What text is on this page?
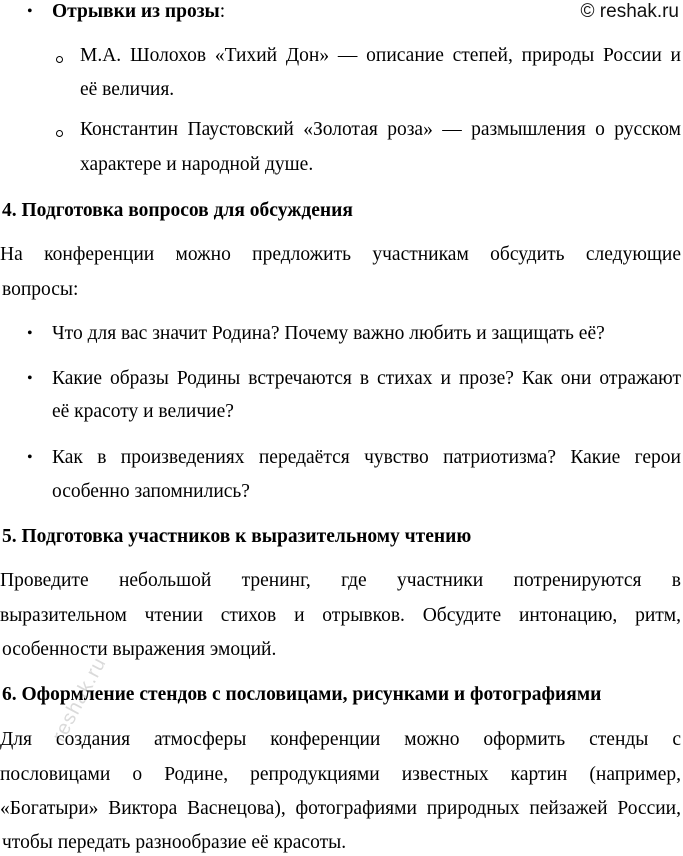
© reshak.ru
reshak.ru
• Отрывки из прозы:
М.А. Шолохов «Тихий Дон» — описание степей, природы России и
её величия.
Константин Паустовский «Золотая роза» — размышления о русском
характере и народной душе.
4. Подготовка вопросов для обсуждения
На конференции можно предложить участникам обсудить следующие
вопросы:
• Что для вас значит Родина? Почему важно любить и защищать её?
• Какие образы Родины встречаются в стихах и прозе? Как они отражают
её красоту и величие?
• Как в произведениях передаётся чувство патриотизма? Какие герои
особенно запомнились?
5. Подготовка участников к выразительному чтению
Проведите небольшой тренинг, где участники потренируются в
выразительном чтении стихов и отрывков. Обсудите интонацию, ритм,
особенности выражения эмоций.
6. Оформление стендов с пословицами, рисунками и фотографиями
Для создания атмосферы конференции можно оформить стенды с
пословицами о Родине, репродукциями известных картин (например,
«Богатыри» Виктора Васнецова), фотографиями природных пейзажей России,
чтобы передать разнообразие её красоты.
